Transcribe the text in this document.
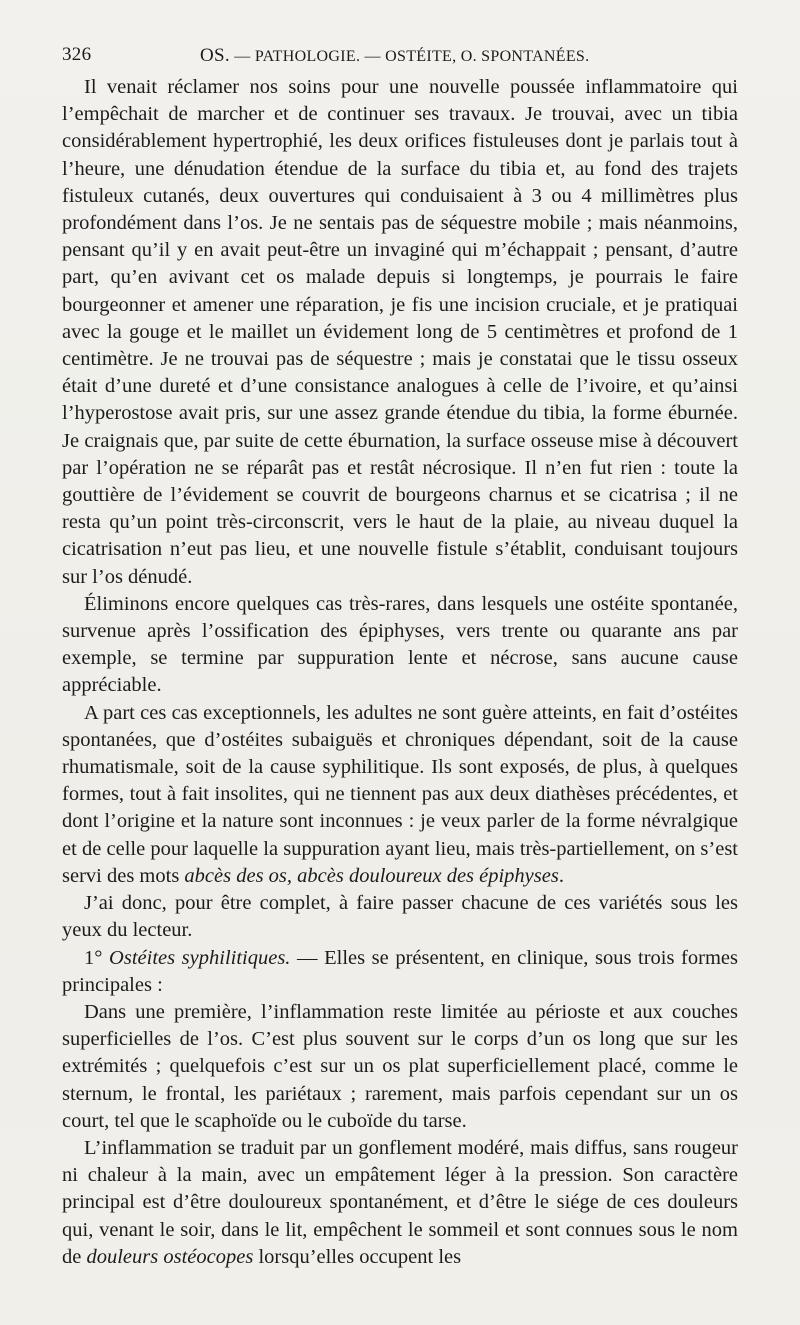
326	OS. — PATHOLOGIE. — OSTÉITE, O. SPONTANÉES.

Il venait réclamer nos soins pour une nouvelle poussée inflammatoire qui l’empêchait de marcher et de continuer ses travaux. Je trouvai, avec un tibia considérablement hypertrophié, les deux orifices fistuleuses dont je parlais tout à l’heure, une dénudation étendue de la surface du tibia et, au fond des trajets fistuleux cutanés, deux ouvertures qui conduisaient à 3 ou 4 millimètres plus profondément dans l’os. Je ne sentais pas de séquestre mobile ; mais néanmoins, pensant qu’il y en avait peut-être un invaginé qui m’échappait ; pensant, d’autre part, qu’en avivant cet os malade depuis si longtemps, je pourrais le faire bourgeonner et amener une réparation, je fis une incision cruciale, et je pratiquai avec la gouge et le maillet un évidement long de 5 centimètres et profond de 1 centimètre. Je ne trouvai pas de séquestre ; mais je constatai que le tissu osseux était d’une dureté et d’une consistance analogues à celle de l’ivoire, et qu’ainsi l’hyperostose avait pris, sur une assez grande étendue du tibia, la forme éburnée. Je craignais que, par suite de cette éburnation, la surface osseuse mise à découvert par l’opération ne se réparât pas et restât nécrosique. Il n’en fut rien : toute la gouttière de l’évidement se couvrit de bourgeons charnus et se cicatrisa ; il ne resta qu’un point très-circonscrit, vers le haut de la plaie, au niveau duquel la cicatrisation n’eut pas lieu, et une nouvelle fistule s’établit, conduisant toujours sur l’os dénudé.

Éliminons encore quelques cas très-rares, dans lesquels une ostéite spontanée, survenue après l’ossification des épiphyses, vers trente ou quarante ans par exemple, se termine par suppuration lente et nécrose, sans aucune cause appréciable.

A part ces cas exceptionnels, les adultes ne sont guère atteints, en fait d’ostéites spontanées, que d’ostéites subaiguës et chroniques dépendant, soit de la cause rhumatismale, soit de la cause syphilitique. Ils sont exposés, de plus, à quelques formes, tout à fait insolites, qui ne tiennent pas aux deux diathèses précédentes, et dont l’origine et la nature sont inconnues : je veux parler de la forme névralgique et de celle pour laquelle la suppuration ayant lieu, mais très-partiellement, on s’est servi des mots abcès des os, abcès douloureux des épiphyses.

J’ai donc, pour être complet, à faire passer chacune de ces variétés sous les yeux du lecteur.

1° Ostéites syphilitiques. — Elles se présentent, en clinique, sous trois formes principales :

Dans une première, l’inflammation reste limitée au périoste et aux couches superficielles de l’os. C’est plus souvent sur le corps d’un os long que sur les extrémités ; quelquefois c’est sur un os plat superficiellement placé, comme le sternum, le frontal, les pariétaux ; rarement, mais parfois cependant sur un os court, tel que le scaphoïde ou le cuboïde du tarse.

L’inflammation se traduit par un gonflement modéré, mais diffus, sans rougeur ni chaleur à la main, avec un empâtement léger à la pression. Son caractère principal est d’être douloureux spontanément, et d’être le siége de ces douleurs qui, venant le soir, dans le lit, empêchent le sommeil et sont connues sous le nom de douleurs ostéocopes lorsqu’elles occupent les
